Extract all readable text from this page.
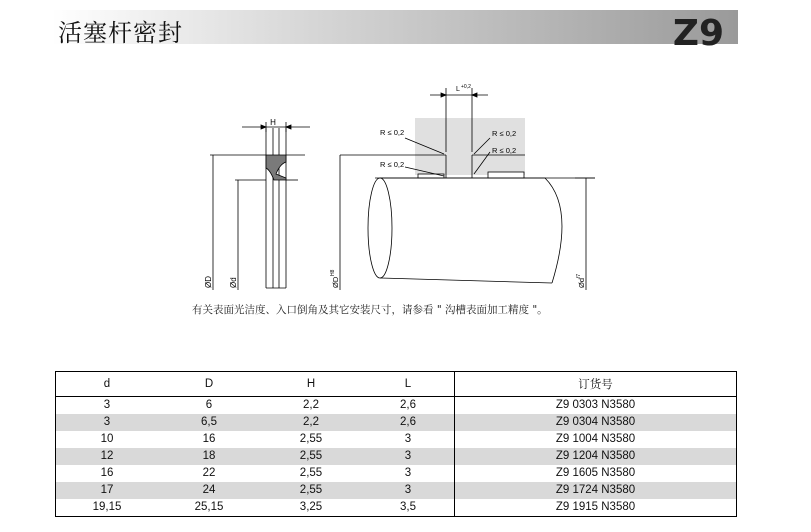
活塞杆密封	Z9
H
ØD Ød
L +0,2
R ≤ 0,2	R ≤ 0,2
R ≤ 0,2
R ≤ 0,2
ØD
H8
Ød
f7
有关表面光洁度、入口倒角及其它安装尺寸，请参看 " 沟槽表面加工精度 "。
d	D	H	L	订货号
3	6	2,2	2,6	Z9 0303 N3580
3	6,5	2,2	2,6	Z9 0304 N3580
10	16	2,55	3	Z9 1004 N3580
12	18	2,55	3	Z9 1204 N3580
16	22	2,55	3	Z9 1605 N3580
17	24	2,55	3	Z9 1724 N3580
19,15	25,15	3,25	3,5	Z9 1915 N3580
